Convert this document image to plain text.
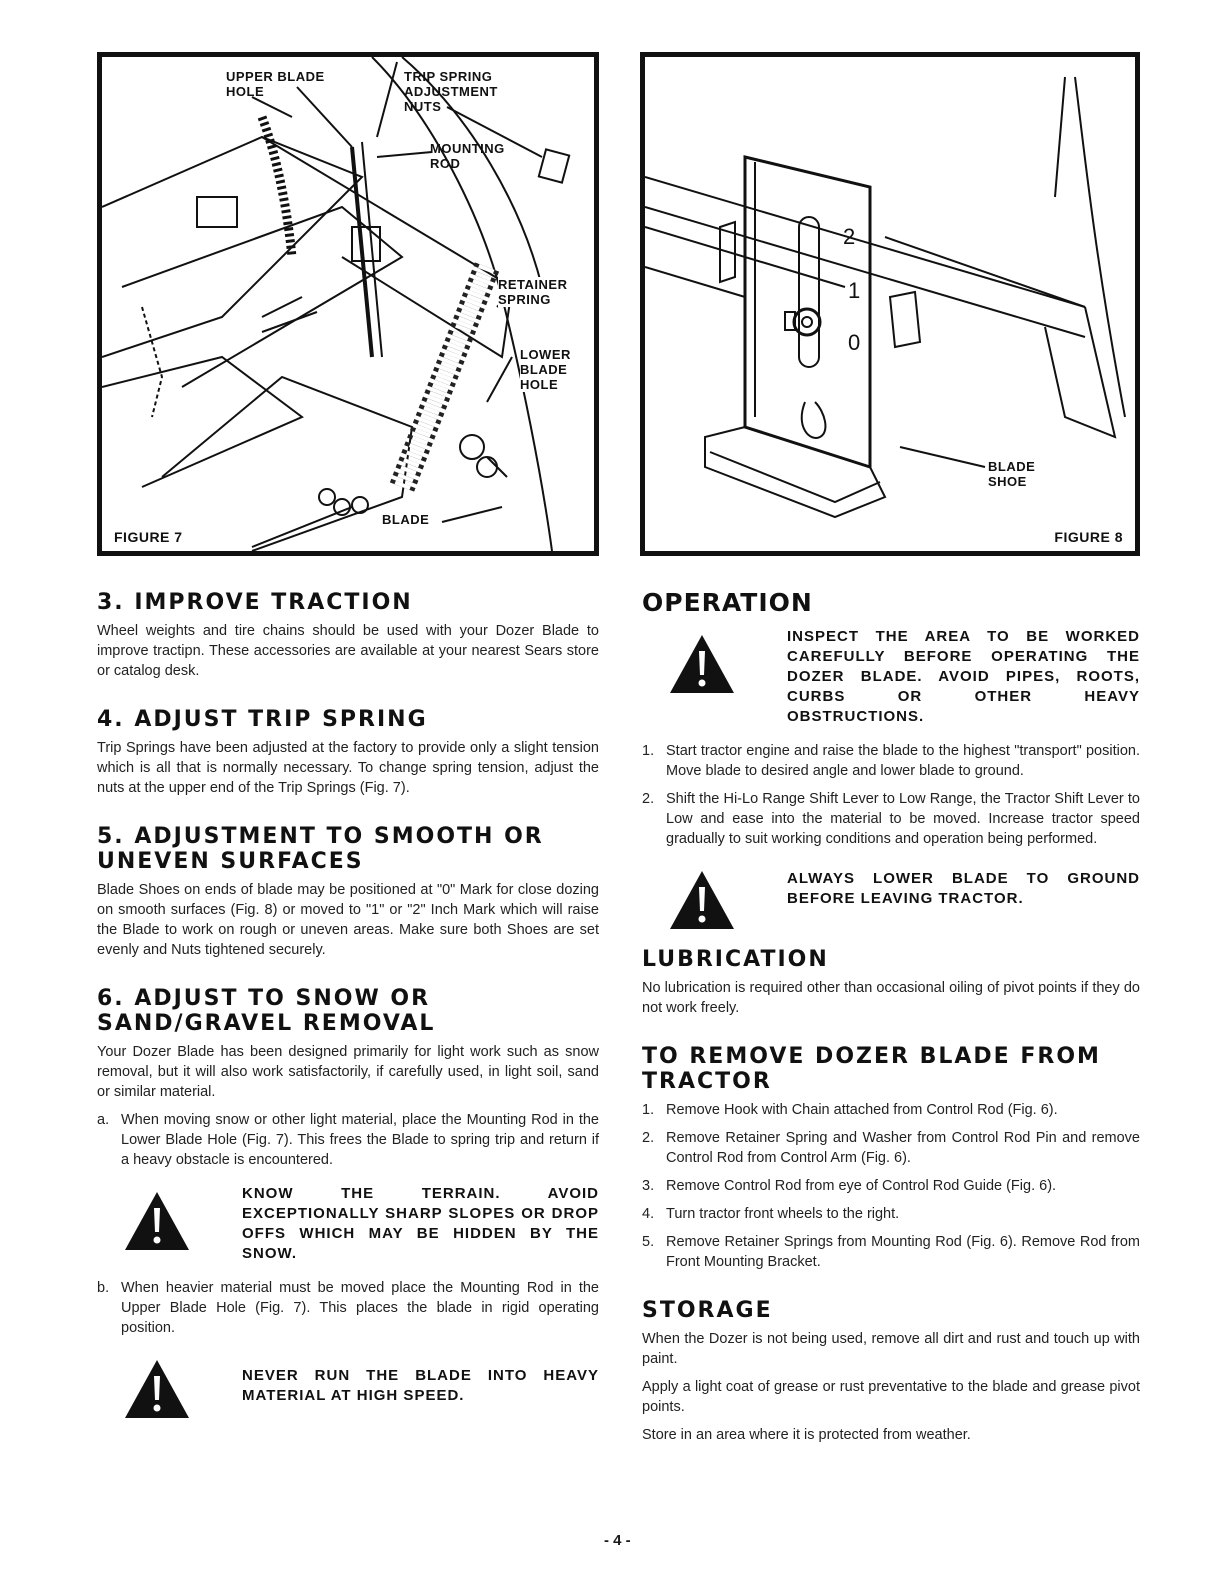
UPPER BLADE
HOLE
TRIP SPRING
ADJUSTMENT
NUTS
MOUNTING
ROD
RETAINER
SPRING
LOWER
BLADE
HOLE
BLADE
FIGURE 7
2
1
0
BLADE
SHOE
FIGURE 8
3. IMPROVE TRACTION

Wheel weights and tire chains should be used with your Dozer Blade to improve tractipn. These accessories are available at your nearest Sears store or catalog desk.

4. ADJUST TRIP SPRING

Trip Springs have been adjusted at the factory to provide only a slight tension which is all that is normally necessary. To change spring tension, adjust the nuts at the upper end of the Trip Springs (Fig. 7).

5. ADJUSTMENT TO SMOOTH OR UNEVEN SURFACES

Blade Shoes on ends of blade may be positioned at "0" Mark for close dozing on smooth surfaces (Fig. 8) or moved to "1" or "2" Inch Mark which will raise the Blade to work on rough or uneven areas. Make sure both Shoes are set evenly and Nuts tightened securely.

6. ADJUST TO SNOW OR SAND/GRAVEL REMOVAL

Your Dozer Blade has been designed primarily for light work such as snow removal, but it will also work satisfactorily, if carefully used, in light soil, sand or similar material.

a. When moving snow or other light material, place the Mounting Rod in the Lower Blade Hole (Fig. 7). This frees the Blade to spring trip and return if a heavy obstacle is encountered.
KNOW THE TERRAIN. AVOID EXCEPTIONALLY SHARP SLOPES OR DROP OFFS WHICH MAY BE HIDDEN BY THE SNOW.
b. When heavier material must be moved place the Mounting Rod in the Upper Blade Hole (Fig. 7). This places the blade in rigid operating position.
NEVER RUN THE BLADE INTO HEAVY MATERIAL AT HIGH SPEED.
OPERATION
INSPECT THE AREA TO BE WORKED CAREFULLY BEFORE OPERATING THE DOZER BLADE. AVOID PIPES, ROOTS, CURBS OR OTHER HEAVY OBSTRUCTIONS.
1. Start tractor engine and raise the blade to the highest "transport" position. Move blade to desired angle and lower blade to ground.
2. Shift the Hi-Lo Range Shift Lever to Low Range, the Tractor Shift Lever to Low and ease into the material to be moved. Increase tractor speed gradually to suit working conditions and operation being performed.
ALWAYS LOWER BLADE TO GROUND BEFORE LEAVING TRACTOR.
LUBRICATION

No lubrication is required other than occasional oiling of pivot points if they do not work freely.

TO REMOVE DOZER BLADE FROM TRACTOR
1. Remove Hook with Chain attached from Control Rod (Fig. 6).
2. Remove Retainer Spring and Washer from Control Rod Pin and remove Control Rod from Control Arm (Fig. 6).
3. Remove Control Rod from eye of Control Rod Guide (Fig. 6).
4. Turn tractor front wheels to the right.
5. Remove Retainer Springs from Mounting Rod (Fig. 6). Remove Rod from Front Mounting Bracket.
STORAGE

When the Dozer is not being used, remove all dirt and rust and touch up with paint.

Apply a light coat of grease or rust preventative to the blade and grease pivot points.

Store in an area where it is protected from weather.

- 4 -
